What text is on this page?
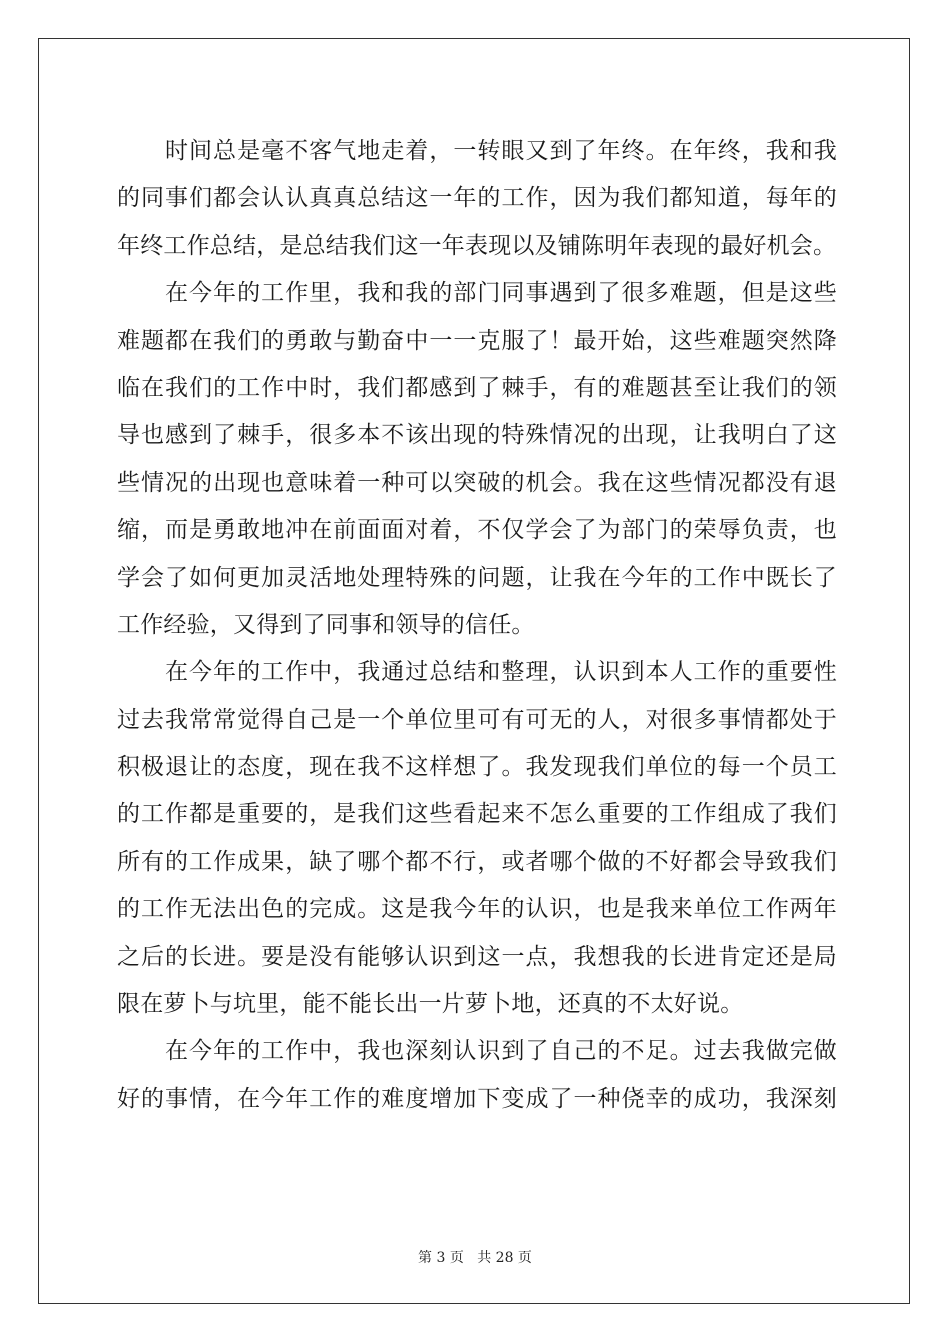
时间总是毫不客气地走着，一转眼又到了年终。在年终，我和我
的同事们都会认认真真总结这一年的工作，因为我们都知道，每年的
年终工作总结，是总结我们这一年表现以及铺陈明年表现的最好机会。
在今年的工作里，我和我的部门同事遇到了很多难题，但是这些
难题都在我们的勇敢与勤奋中一一克服了！最开始，这些难题突然降
临在我们的工作中时，我们都感到了棘手，有的难题甚至让我们的领
导也感到了棘手，很多本不该出现的特殊情况的出现，让我明白了这
些情况的出现也意味着一种可以突破的机会。我在这些情况都没有退
缩，而是勇敢地冲在前面面对着，不仅学会了为部门的荣辱负责，也
学会了如何更加灵活地处理特殊的问题，让我在今年的工作中既长了
工作经验，又得到了同事和领导的信任。
在今年的工作中，我通过总结和整理，认识到本人工作的重要性
过去我常常觉得自己是一个单位里可有可无的人，对很多事情都处于
积极退让的态度，现在我不这样想了。我发现我们单位的每一个员工
的工作都是重要的，是我们这些看起来不怎么重要的工作组成了我们
所有的工作成果，缺了哪个都不行，或者哪个做的不好都会导致我们
的工作无法出色的完成。这是我今年的认识，也是我来单位工作两年
之后的长进。要是没有能够认识到这一点，我想我的长进肯定还是局
限在萝卜与坑里，能不能长出一片萝卜地，还真的不太好说。
在今年的工作中，我也深刻认识到了自己的不足。过去我做完做
好的事情，在今年工作的难度增加下变成了一种侥幸的成功，我深刻
第 3 页 共 28 页
